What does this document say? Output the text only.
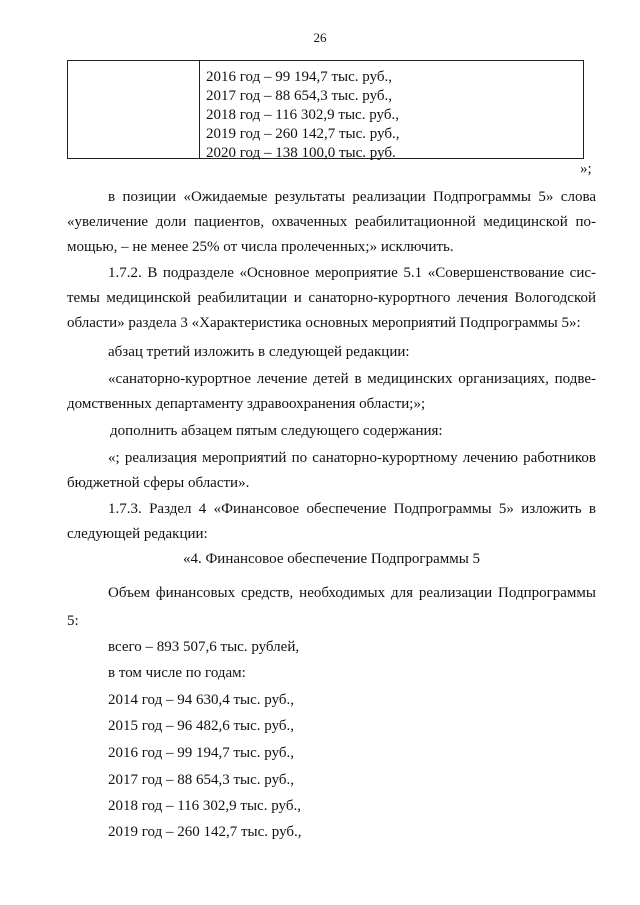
26
2016 год – 99 194,7 тыс. руб.,
2017 год – 88 654,3 тыс. руб.,
2018 год – 116 302,9 тыс. руб.,
2019 год – 260 142,7 тыс. руб.,
2020 год – 138 100,0 тыс. руб.
»;
в позиции «Ожидаемые результаты реализации Подпрограммы 5» слова
«увеличение доли пациентов, охваченных реабилитационной медицинской по-
мощью, – не менее 25% от числа пролеченных;» исключить.
1.7.2. В подразделе «Основное мероприятие 5.1 «Совершенствование сис-
темы медицинской реабилитации и санаторно-курортного лечения Вологодской
области» раздела 3 «Характеристика основных мероприятий Подпрограммы 5»:
абзац третий изложить в следующей редакции:
«санаторно-курортное лечение детей в медицинских организациях, подве-
домственных департаменту здравоохранения области;»;
дополнить абзацем пятым следующего содержания:
«; реализация мероприятий по санаторно-курортному лечению работников
бюджетной сферы области».
1.7.3. Раздел 4 «Финансовое обеспечение Подпрограммы 5» изложить в
следующей редакции:
«4. Финансовое обеспечение Подпрограммы 5
Объем финансовых средств, необходимых для реализации Подпрограммы
5:
всего – 893 507,6 тыс. рублей,
в том числе по годам:
2014 год – 94 630,4 тыс. руб.,
2015 год – 96 482,6 тыс. руб.,
2016 год – 99 194,7 тыс. руб.,
2017 год – 88 654,3 тыс. руб.,
2018 год – 116 302,9 тыс. руб.,
2019 год – 260 142,7 тыс. руб.,
